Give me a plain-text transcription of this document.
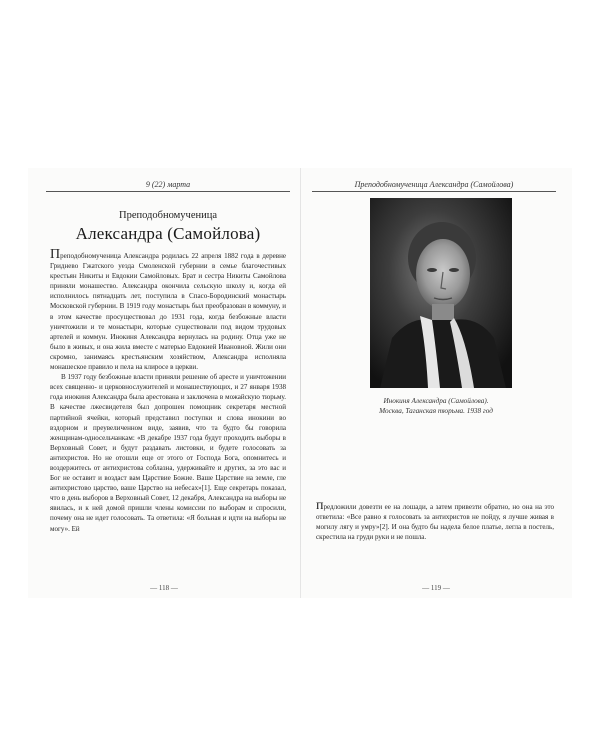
9 (22) марта
Преподобномученица
Александра (Самойлова)

Преподобномученица Александра родилась 22 апреля 1882 года в деревне Гриднево Гжатского уезда Смоленской губернии в семье благочестивых крестьян Никиты и Евдокии Самойловых. Брат и сестра Никиты Самойлова приняли монашество. Александра окончила сельскую школу и, когда ей исполнилось пятнадцать лет, поступила в Спасо-Бородинский монастырь Московской губернии. В 1919 году монастырь был преобразован в коммуну, и в этом качестве просуществовал до 1931 года, когда безбожные власти уничтожили и те монастыри, которые существовали под видом трудовых артелей и коммун. Инокиня Александра вернулась на родину. Отца уже не было в живых, и она жила вместе с матерью Евдокией Ивановной. Жили они скромно, занимаясь крестьянским хозяйством, Александра исполняла монашеское правило и пела на клиросе в церкви.

В 1937 году безбожные власти приняли решение об аресте и уничтожении всех священно- и церковнослужителей и монашествующих, и 27 января 1938 года инокиня Александра была арестована и заключена в можайскую тюрьму. В качестве лжесвидетеля был допрошен помощник секретаря местной партийной ячейки, который представил поступки и слова инокини во вздорном и преувеличенном виде, заявив, что та будто бы говорила женщинам-односельчанкам: «В декабре 1937 года будут проходить выборы в Верховный Совет, и будут раздавать листовки, и будете голосовать за антихристов. Но не отошли еще от этого от Господа Бога, опомнитесь и воздержитесь от антихристова соблазна, удерживайте и других, за это вас и Бог не оставит и воздаст вам Царствие Божие. Ваше Царствие на земле, гле антихристово царство, ваше Царство на небесах»[1]. Еще секретарь показал, что в день выборов в Верховный Совет, 12 декабря, Александра на выборы не явилась, и к ней домой пришли члены комиссии по выборам и спросили, почему она не идет голосовать. Та ответила: «Я больная и идти на выборы не могу». Ей

— 118 —
Преподобномученица Александра (Самойлова)
Инокиня Александра (Самойлова).
Москва, Таганская тюрьма. 1938 год

предложили довезти ее на лошади, а затем привезти обратно, но она на это ответила: «Все равно я голосовать за антихристов не пойду, я лучше живая в могилу лягу и умру»[2]. И она будто бы надела белое платье, легла в постель, скрестила на груди руки и не пошла.

— 119 —
